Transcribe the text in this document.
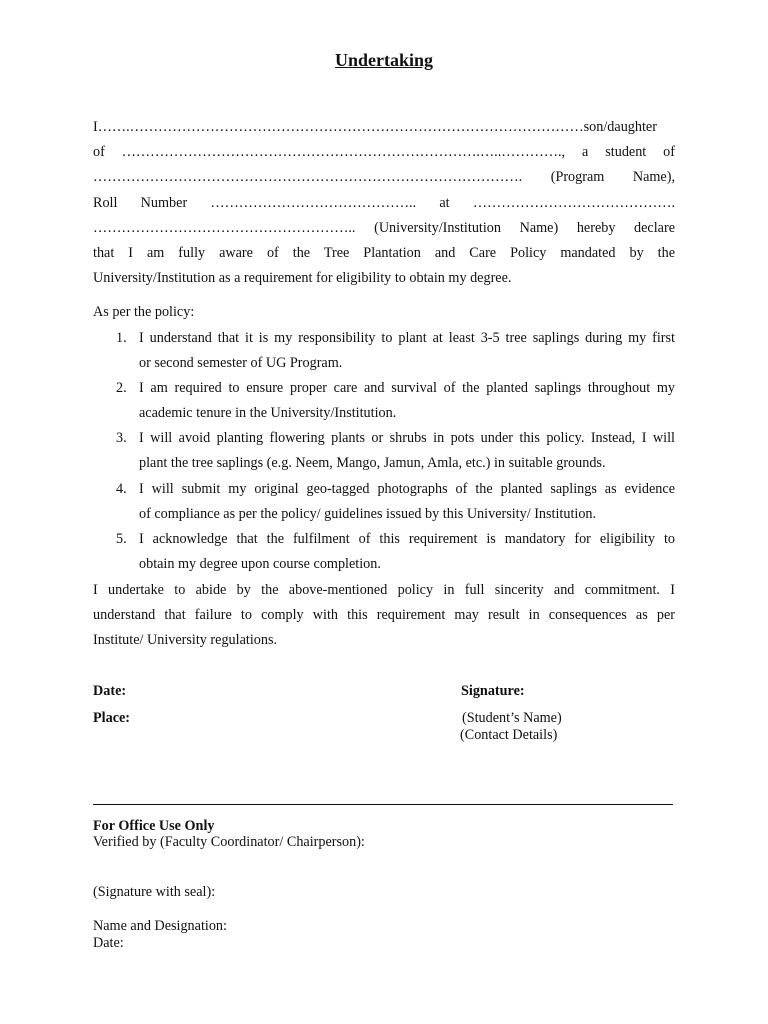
Undertaking
I…….……………………………………………………………………………………son/daughter
of ………………………………………………………………….…..…………., a student of
………………………………………………………………………………. (Program Name),
Roll Number …………………………………….. at …………………………………….
……………………………………………….. (University/Institution Name) hereby declare
that I am fully aware of the Tree Plantation and Care Policy mandated by the
University/Institution as a requirement for eligibility to obtain my degree.
As per the policy:
1. I understand that it is my responsibility to plant at least 3-5 tree saplings during my first
or second semester of UG Program.
2. I am required to ensure proper care and survival of the planted saplings throughout my
academic tenure in the University/Institution.
3. I will avoid planting flowering plants or shrubs in pots under this policy. Instead, I will
plant the tree saplings (e.g. Neem, Mango, Jamun, Amla, etc.) in suitable grounds.
4. I will submit my original geo-tagged photographs of the planted saplings as evidence
of compliance as per the policy/ guidelines issued by this University/ Institution.
5. I acknowledge that the fulfilment of this requirement is mandatory for eligibility to
obtain my degree upon course completion.
I undertake to abide by the above-mentioned policy in full sincerity and commitment. I
understand that failure to comply with this requirement may result in consequences as per
Institute/ University regulations.
Date:
Place:
Signature:
(Student’s Name)
(Contact Details)
For Office Use Only
Verified by (Faculty Coordinator/ Chairperson):
(Signature with seal):
Name and Designation:
Date:
